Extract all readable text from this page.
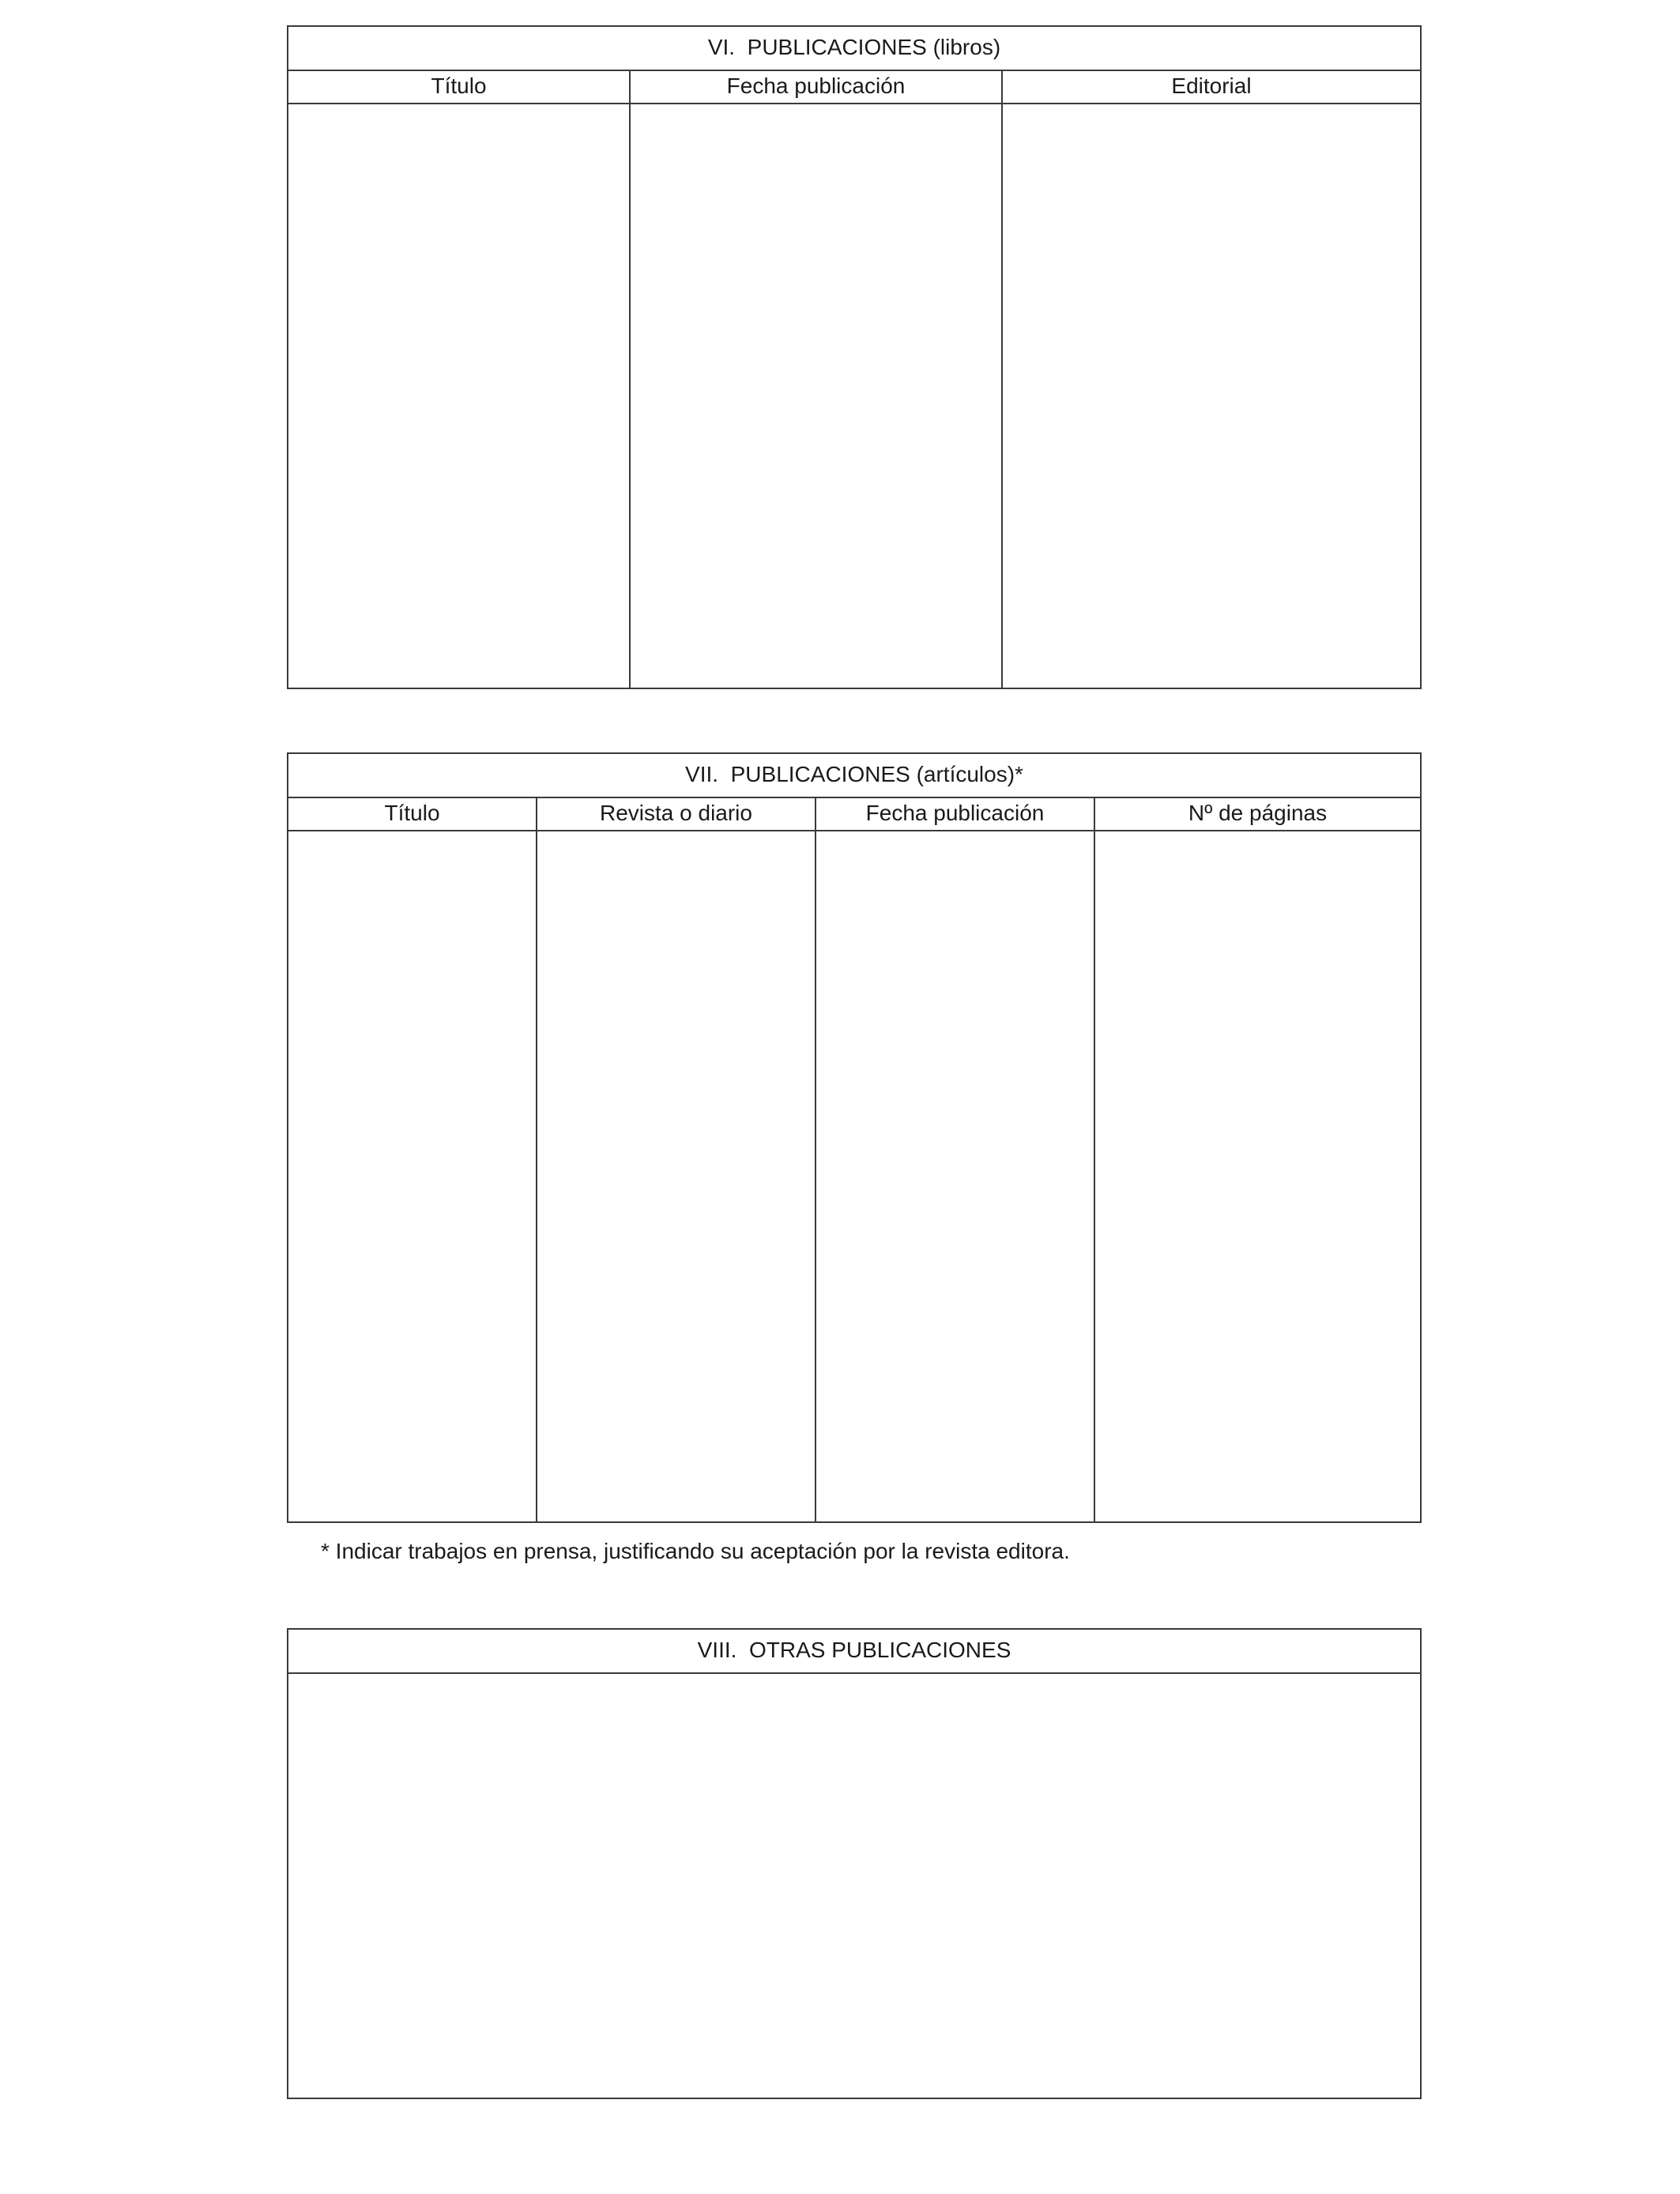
VI.  PUBLICACIONES (libros)
Título	Fecha publicación	Editorial
VII.  PUBLICACIONES (artículos)*
Título	Revista o diario	Fecha publicación	Nº de páginas
* Indicar trabajos en prensa, justificando su aceptación por la revista editora.
VIII.  OTRAS PUBLICACIONES
